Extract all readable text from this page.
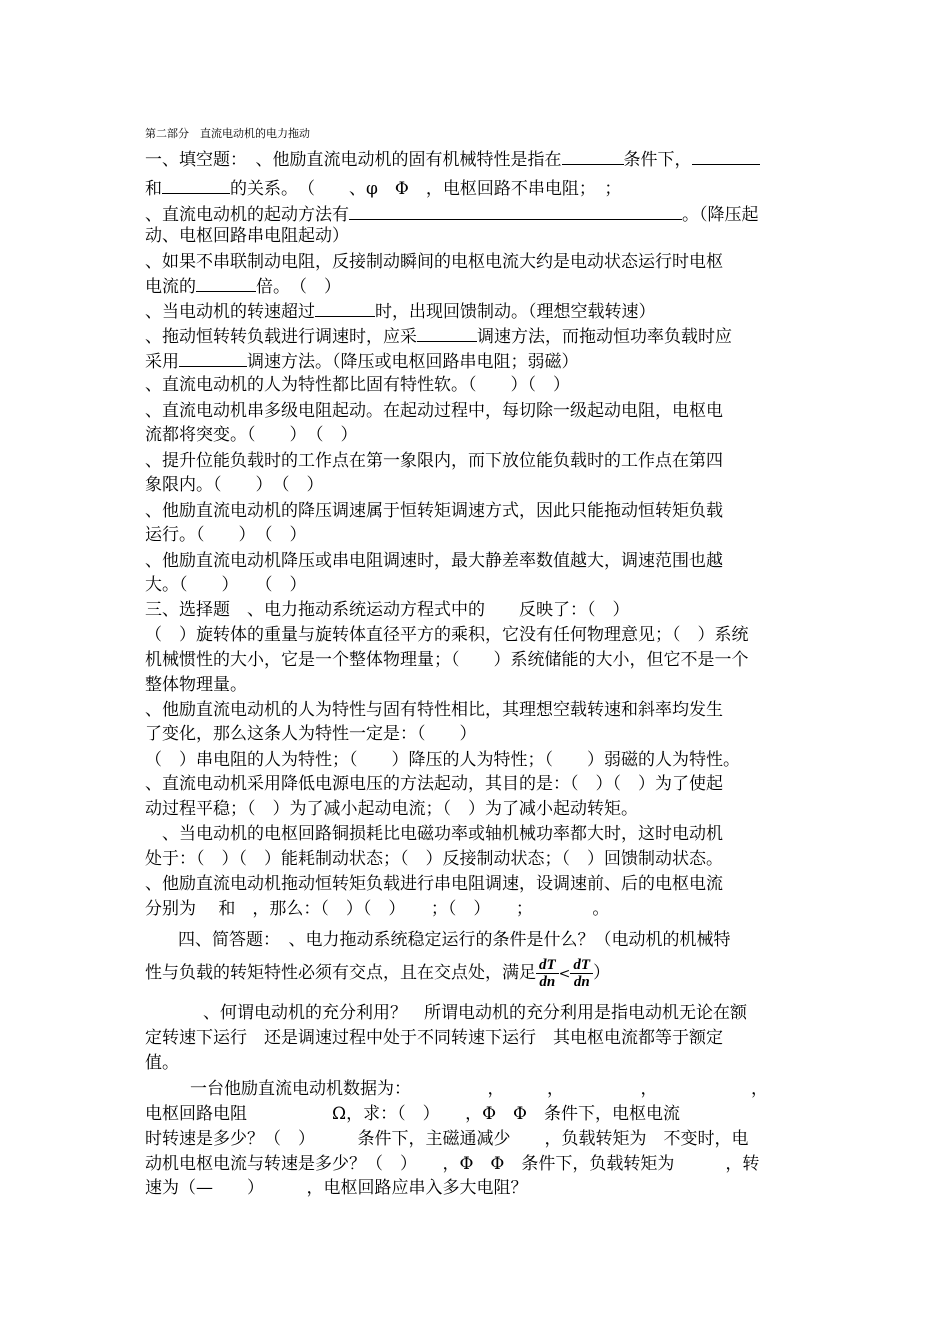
第二部分　直流电动机的电力拖动
一、填空题：　、他励直流电动机的固有机械特性是指在	条件下，
和	的关系。　（　　、φ　Φ　，电枢回路不串电阻；　；
、直流电动机的起动方法有	。（降压起
动、电枢回路串电阻起动）
、如果不串联制动电阻，反接制动瞬间的电枢电流大约是电动状态运行时电枢
电流的	倍。　（　）
、当电动机的转速超过	时，出现回馈制动。（理想空载转速）
、拖动恒转转负载进行调速时，应采	调速方法，而拖动恒功率负载时应
采用	调速方法。（降压或电枢回路串电阻；弱磁）
、直流电动机的人为特性都比固有特性软。（　　）（　）
、直流电动机串多级电阻起动。在起动过程中，每切除一级起动电阻，电枢电
流都将突变。（　　）　（　）
、提升位能负载时的工作点在第一象限内，而下放位能负载时的工作点在第四
象限内。（　　）　（　）
、他励直流电动机的降压调速属于恒转矩调速方式，因此只能拖动恒转矩负载
运行。（　　）　（　）
、他励直流电动机降压或串电阻调速时，最大静差率数值越大，调速范围也越
大。（　　）　　（　）
三、选择题　、电力拖动系统运动方程式中的　　反映了：（　）
（　）旋转体的重量与旋转体直径平方的乘积，它没有任何物理意见；（　）系统
机械惯性的大小，它是一个整体物理量；（　　）系统储能的大小，但它不是一个
整体物理量。
、他励直流电动机的人为特性与固有特性相比，其理想空载转速和斜率均发生
了变化，那么这条人为特性一定是：（　　）
（　）串电阻的人为特性；（　　）降压的人为特性；（　　）弱磁的人为特性。
、直流电动机采用降低电源电压的方法起动，其目的是：（　）（　）为了使起
动过程平稳；（　）为了减小起动电流；（　）为了减小起动转矩。
　、当电动机的电枢回路铜损耗比电磁功率或轴机械功率都大时，这时电动机
处于：（　）（　）能耗制动状态；（　）反接制动状态；（　）回馈制动状态。
、他励直流电动机拖动恒转矩负载进行串电阻调速，设调速前、后的电枢电流
分别为　 和　，那么：（　）（　）　　；（　）　　；　　　　。
四、简答题：　、电力拖动系统稳定运行的条件是什么？（电动机的机械特
性与负载的转矩特性必须有交点，且在交点处，满足 $\frac{dT}{dn} < \frac{dT}{dn}$ ）
、何谓电动机的充分利用？　所谓电动机的充分利用是指电动机无论在额
定转速下运行　还是调速过程中处于不同转速下运行　其电枢电流都等于额定
值。
一台他励直流电动机数据为：　　　　　，　　　，　　　　　，　　　　　　，
电枢回路电阻　　　　　Ω，求：（　）　　，Φ　Φ　条件下，电枢电流
时转速是多少？（　）　　　条件下，主磁通减少　　，负载转矩为　不变时，电
动机电枢电流与转速是多少？（　）　　，Φ　Φ　条件下，负载转矩为　　　，转
速为（—　　）　　　，电枢回路应串入多大电阻？
